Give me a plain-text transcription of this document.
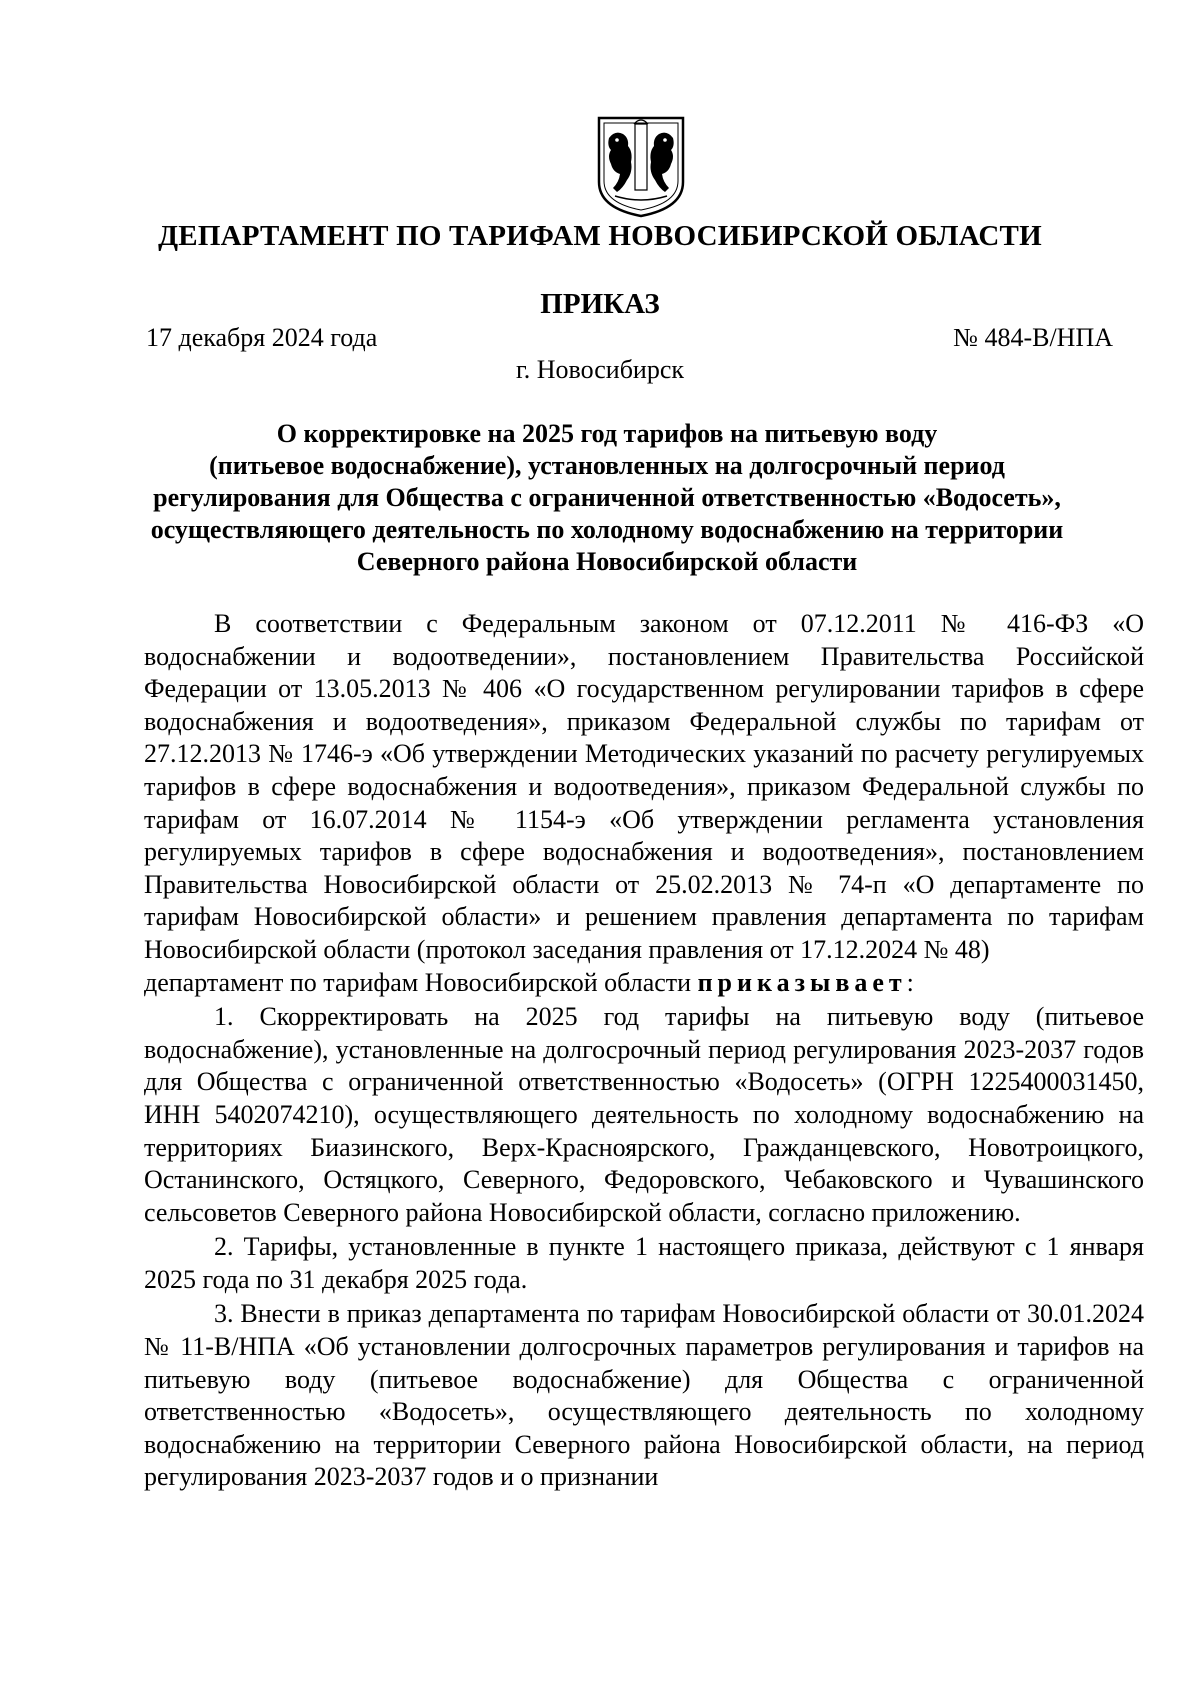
ДЕПАРТАМЕНТ ПО ТАРИФАМ НОВОСИБИРСКОЙ ОБЛАСТИ
ПРИКАЗ
17 декабря 2024 года	№ 484-В/НПА
г. Новосибирск
О корректировке на 2025 год тарифов на питьевую воду
(питьевое водоснабжение), установленных на долгосрочный период
регулирования для Общества с ограниченной ответственностью «Водосеть»,
осуществляющего деятельность по холодному водоснабжению на территории
Северного района Новосибирской области

В соответствии с Федеральным законом от 07.12.2011 № 416-ФЗ «О водоснабжении и водоотведении», постановлением Правительства Российской Федерации от 13.05.2013 № 406 «О государственном регулировании тарифов в сфере водоснабжения и водоотведения», приказом Федеральной службы по тарифам от 27.12.2013 № 1746-э «Об утверждении Методических указаний по расчету регулируемых тарифов в сфере водоснабжения и водоотведения», приказом Федеральной службы по тарифам от 16.07.2014 № 1154-э «Об утверждении регламента установления регулируемых тарифов в сфере водоснабжения и водоотведения», постановлением Правительства Новосибирской области от 25.02.2013 № 74-п «О департаменте по тарифам Новосибирской области» и решением правления департамента по тарифам Новосибирской области (протокол заседания правления от 17.12.2024 № 48)

департамент по тарифам Новосибирской области приказывает:

1. Скорректировать на 2025 год тарифы на питьевую воду (питьевое водоснабжение), установленные на долгосрочный период регулирования 2023-2037 годов для Общества с ограниченной ответственностью «Водосеть» (ОГРН 1225400031450, ИНН 5402074210), осуществляющего деятельность по холодному водоснабжению на территориях Биазинского, Верх-Красноярского, Гражданцевского, Новотроицкого, Останинского, Остяцкого, Северного, Федоровского, Чебаковского и Чувашинского сельсоветов Северного района Новосибирской области, согласно приложению.

2. Тарифы, установленные в пункте 1 настоящего приказа, действуют с 1 января 2025 года по 31 декабря 2025 года.

3. Внести в приказ департамента по тарифам Новосибирской области от 30.01.2024 № 11-В/НПА «Об установлении долгосрочных параметров регулирования и тарифов на питьевую воду (питьевое водоснабжение) для Общества с ограниченной ответственностью «Водосеть», осуществляющего деятельность по холодному водоснабжению на территории Северного района Новосибирской области, на период регулирования 2023-2037 годов и о признании
